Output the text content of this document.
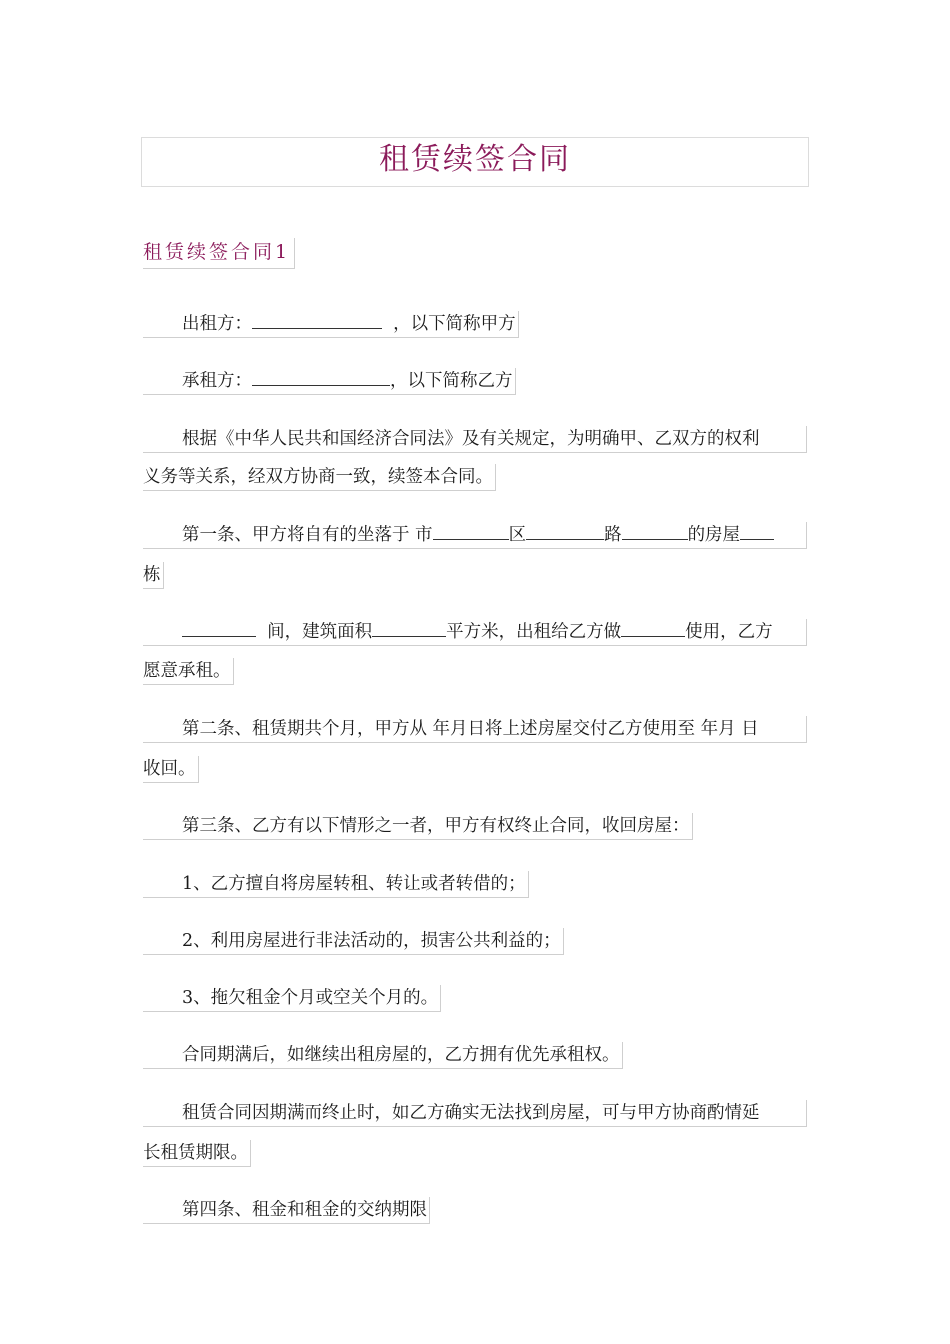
租赁续签合同
租赁续签合同1
出租方：	，以下简称甲方
承租方：	，以下简称乙方
根据《中华人民共和国经济合同法》及有关规定，为明确甲、乙双方的权利
义务等关系，经双方协商一致，续签本合同。
第一条、甲方将自有的坐落于 市	区	路	的房屋
栋
间，建筑面积	平方米，出租给乙方做	使用，乙方
愿意承租。
第二条、租赁期共个月，甲方从 年月日将上述房屋交付乙方使用至 年月 日
收回。
第三条、乙方有以下情形之一者，甲方有权终止合同，收回房屋：
1、乙方擅自将房屋转租、转让或者转借的；
2、利用房屋进行非法活动的，损害公共利益的；
3、拖欠租金个月或空关个月的。
合同期满后，如继续出租房屋的，乙方拥有优先承租权。
租赁合同因期满而终止时，如乙方确实无法找到房屋，可与甲方协商酌情延
长租赁期限。
第四条、租金和租金的交纳期限
